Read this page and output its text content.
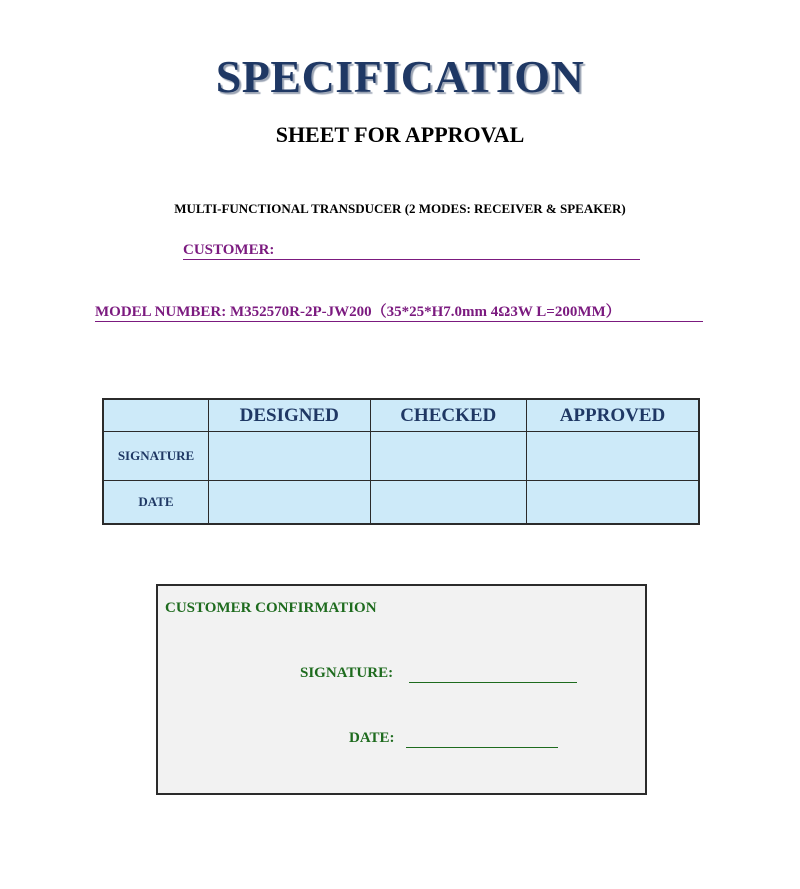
SPECIFICATION
SHEET FOR APPROVAL
MULTI-FUNCTIONAL TRANSDUCER (2 MODES: RECEIVER & SPEAKER)
CUSTOMER:
MODEL NUMBER: M352570R-2P-JW200（35*25*H7.0mm 4Ω3W L=200MM）
	DESIGNED	CHECKED	APPROVED
SIGNATURE			
DATE			
CUSTOMER CONFIRMATION
SIGNATURE:
DATE:
